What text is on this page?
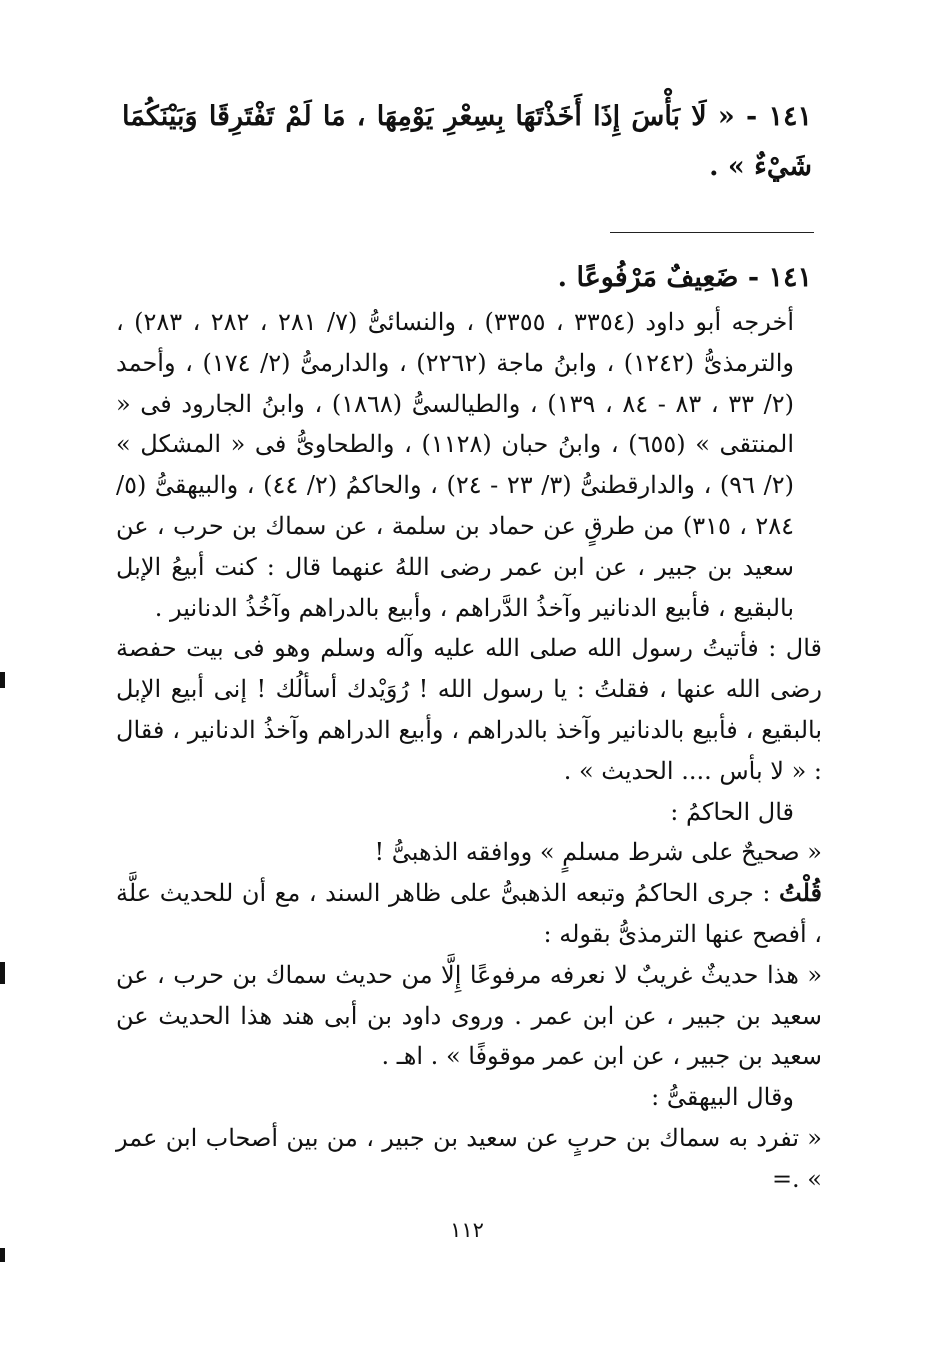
١٤١ - « لَا بَأْسَ إِذَا أَخَذْتَهَا بِسِعْرِ يَوْمِهَا ، مَا لَمْ تَفْتَرِقَا وَبَيْنَكُمَا شَيْءٌ » .

١٤١ - ضَعِيفٌ مَرْفُوعًا .

أخرجه أبو داود (٣٣٥٤ ، ٣٣٥٥) ، والنسائىُّ (٧/ ٢٨١ ، ٢٨٢ ، ٢٨٣) ، والترمذىُّ (١٢٤٢) ، وابنُ ماجة (٢٢٦٢) ، والدارمىُّ (٢/ ١٧٤) ، وأحمد (٢/ ٣٣ ، ٨٣ - ٨٤ ، ١٣٩) ، والطيالسىُّ (١٨٦٨) ، وابنُ الجارود فى « المنتقى » (٦٥٥) ، وابنُ حبان (١١٢٨) ، والطحاوىُّ فى « المشكل » (٢/ ٩٦) ، والدارقطنىُّ (٣/ ٢٣ - ٢٤) ، والحاكمُ (٢/ ٤٤) ، والبيهقىُّ (٥/ ٢٨٤ ، ٣١٥) من طرقٍ عن حماد بن سلمة ، عن سماك بن حرب ، عن سعيد بن جبير ، عن ابن عمر رضى اللهُ عنهما قال : كنت أبيعُ الإبل بالبقيع ، فأبيع الدنانير وآخذُ الدَّراهم ، وأبيع بالدراهم وآخُذُ الدنانير .

قال : فأتيتُ رسول الله صلى الله عليه وآله وسلم وهو فى بيت حفصة رضى الله عنها ، فقلتُ : يا رسول الله ! رُوَيْدك أسألُك ! إنى أبيع الإبل بالبقيع ، فأبيع بالدنانير وآخذ بالدراهم ، وأبيع الدراهم وآخذُ الدنانير ، فقال : « لا بأس .... الحديث » .

قال الحاكمُ :

« صحيحٌ على شرط مسلمٍ » ووافقه الذهبىُّ !

قُلْتُ : جرى الحاكمُ وتبعه الذهبىُّ على ظاهر السند ، مع أن للحديث علَّة ، أفصح عنها الترمذىُّ بقوله :

« هذا حديثٌ غريبٌ لا نعرفه مرفوعًا إِلَّا من حديث سماك بن حرب ، عن سعيد بن جبير ، عن ابن عمر . وروى داود بن أبى هند هذا الحديث عن سعيد بن جبير ، عن ابن عمر موقوفًا » . اهـ .

وقال البيهقىُّ :

« تفرد به سماك بن حربٍ عن سعيد بن جبير ، من بين أصحاب ابن عمر » .=

١١٢
